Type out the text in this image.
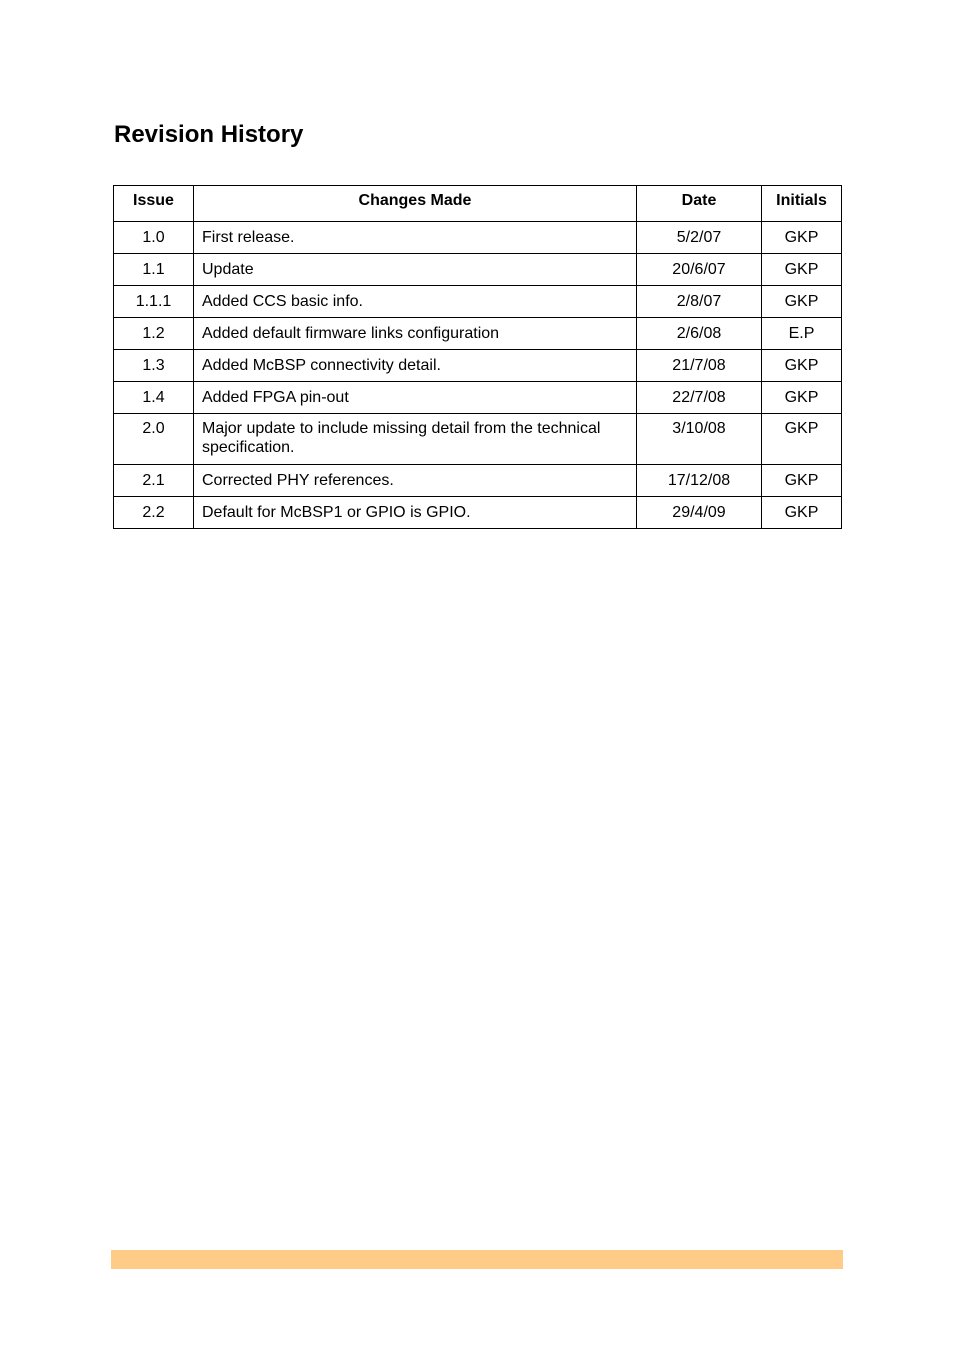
Revision History
Issue	Changes Made	Date	Initials
1.0	First release.	5/2/07	GKP
1.1	Update	20/6/07	GKP
1.1.1	Added CCS basic info.	2/8/07	GKP
1.2	Added default firmware links configuration	2/6/08	E.P
1.3	Added McBSP connectivity detail.	21/7/08	GKP
1.4	Added FPGA pin-out	22/7/08	GKP
2.0	Major update to include missing detail from the technical specification.	3/10/08	GKP
2.1	Corrected PHY references.	17/12/08	GKP
2.2	Default for McBSP1 or GPIO is GPIO.	29/4/09	GKP
